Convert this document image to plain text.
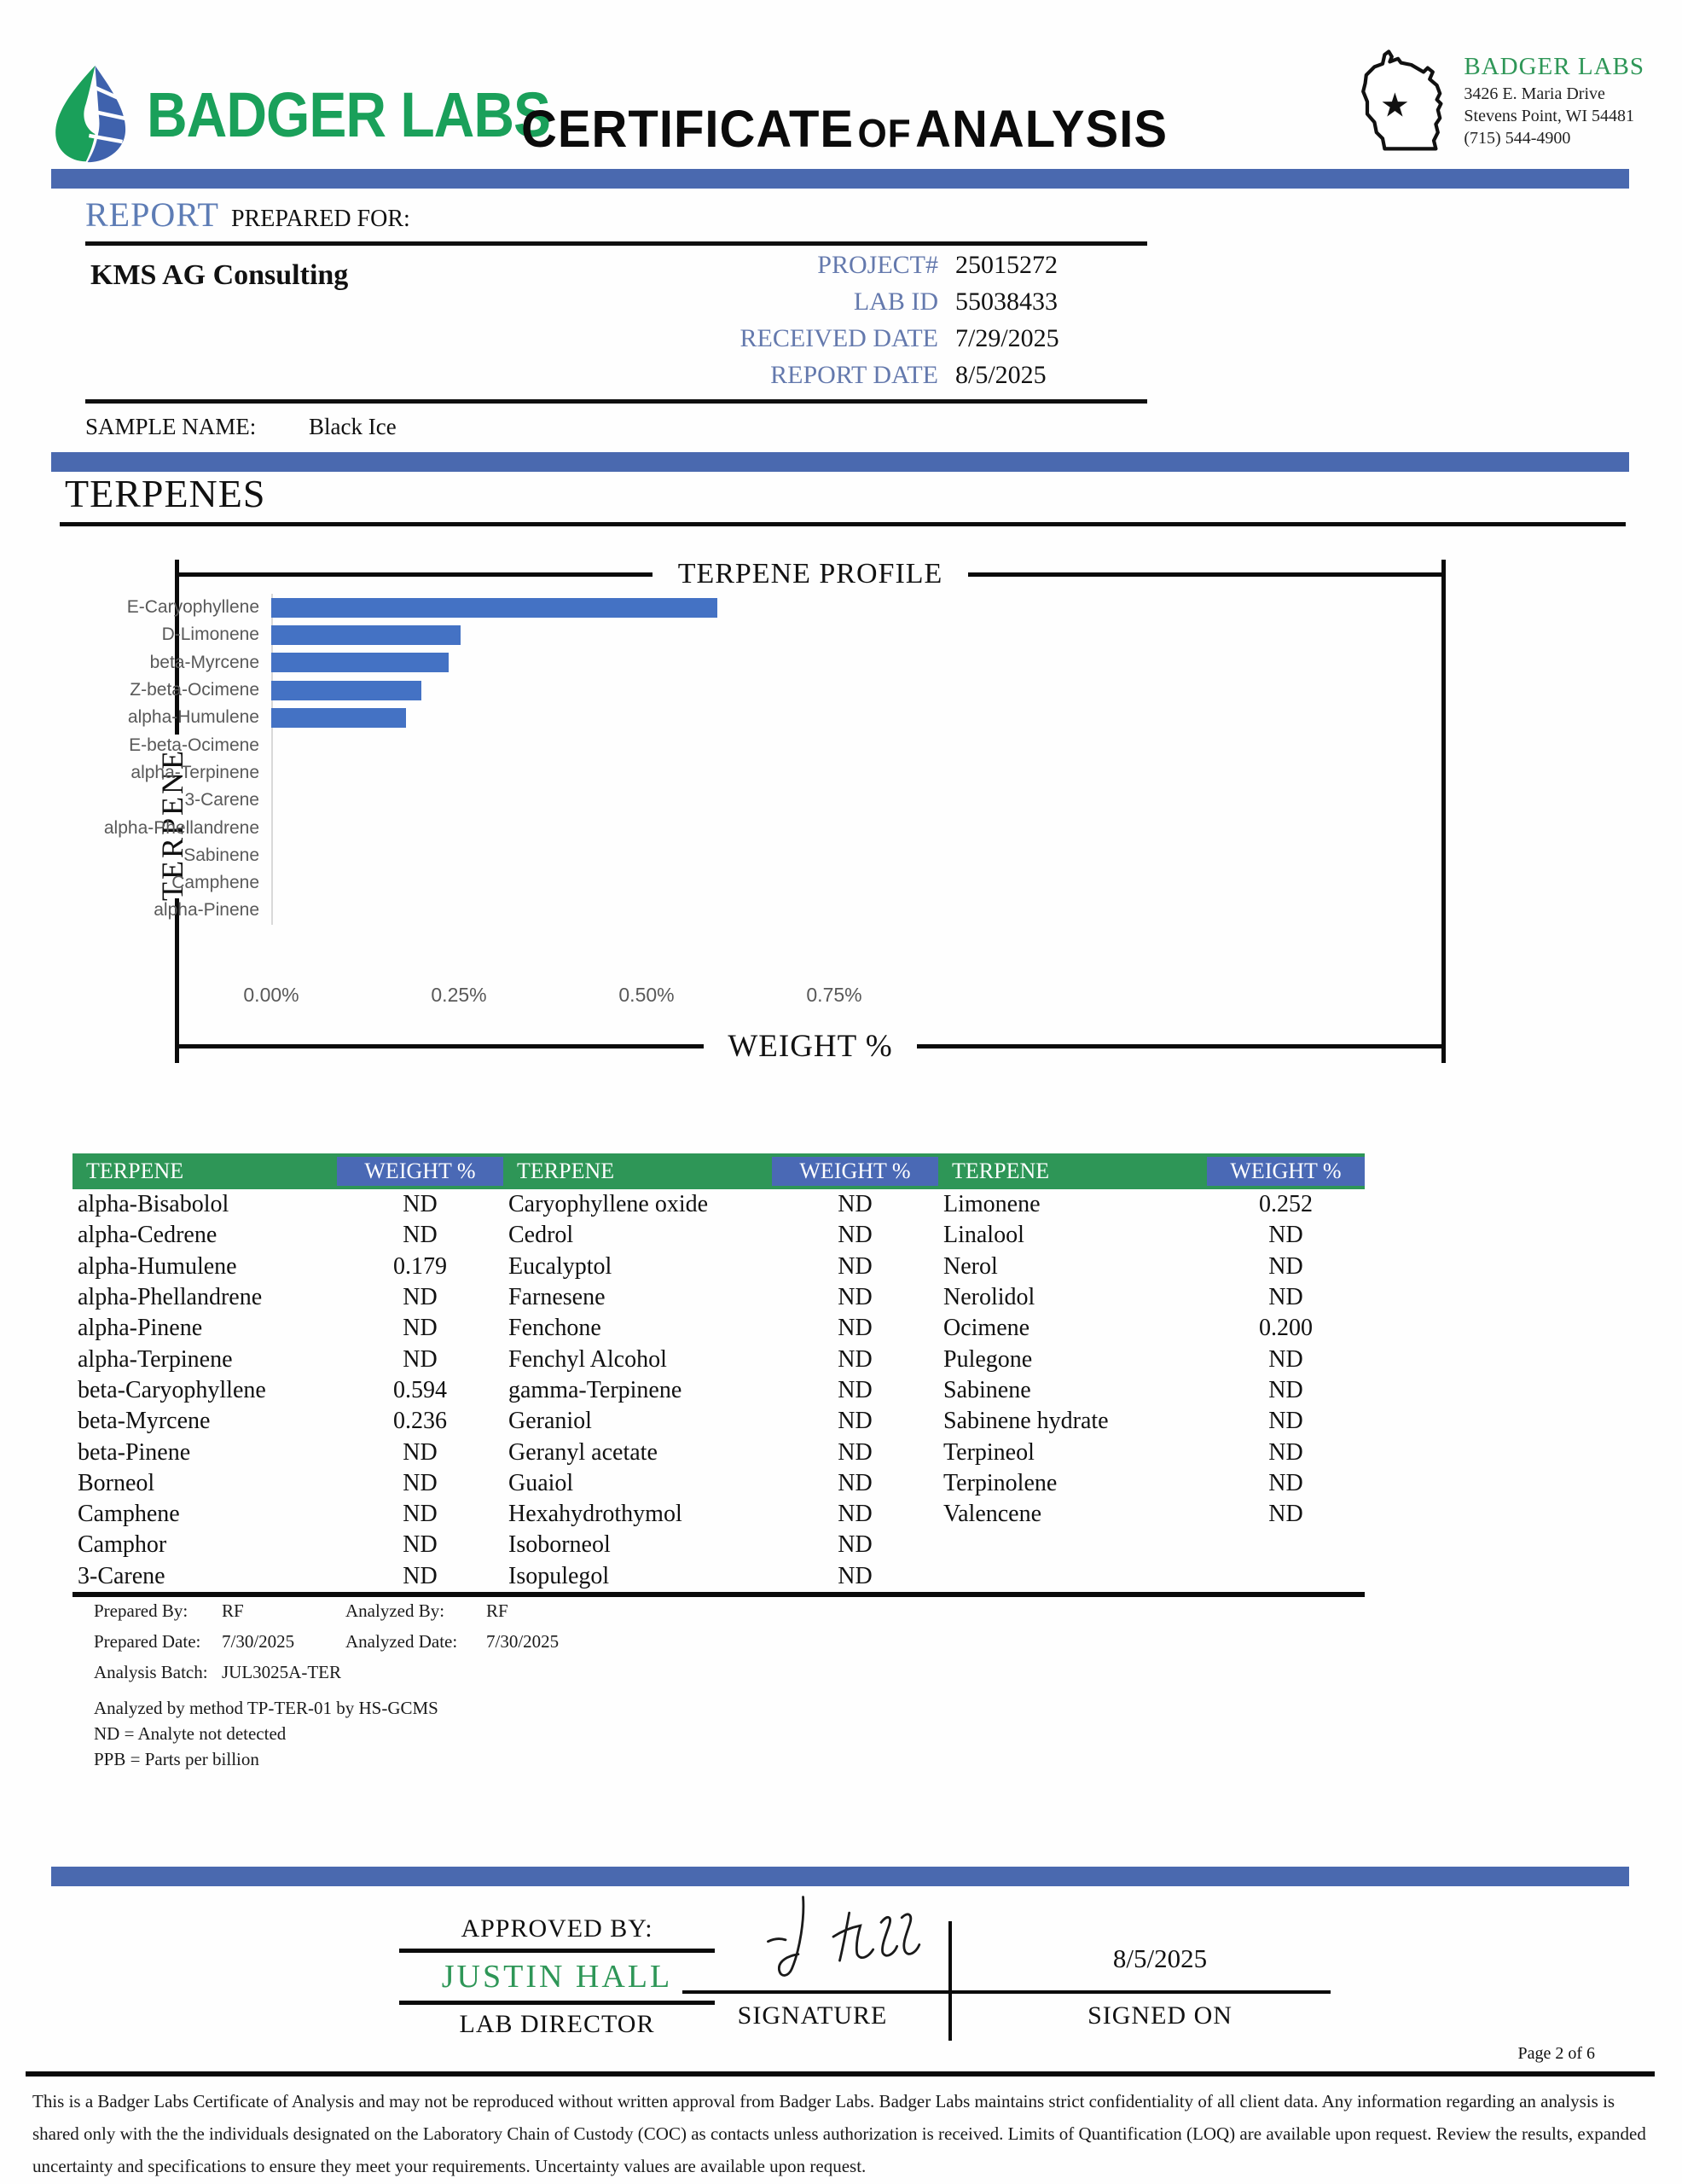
BADGER LABS
CERTIFICATE OF ANALYSIS
BADGER LABS
3426 E. Maria Drive
Stevens Point, WI 54481
(715) 544-4900
REPORT PREPARED FOR:
KMS AG Consulting	PROJECT# 25015272
LAB ID 55038433
RECEIVED DATE 7/29/2025
REPORT DATE 8/5/2025
SAMPLE NAME: Black Ice
TERPENES
TERPENE PROFILE
TERPENE
E-Caryophyllene
D-Limonene
beta-Myrcene
Z-beta-Ocimene
alpha-Humulene
E-beta-Ocimene
alpha-Terpinene
3-Carene
alpha-Phellandrene
Sabinene
Camphene
alpha-Pinene
0.00%	0.25%	0.50%	0.75%
WEIGHT %
TERPENE	WEIGHT %	TERPENE	WEIGHT %	TERPENE	WEIGHT %
alpha-Bisabolol	ND	Caryophyllene oxide	ND	Limonene	0.252
alpha-Cedrene	ND	Cedrol	ND	Linalool	ND
alpha-Humulene	0.179	Eucalyptol	ND	Nerol	ND
alpha-Phellandrene	ND	Farnesene	ND	Nerolidol	ND
alpha-Pinene	ND	Fenchone	ND	Ocimene	0.200
alpha-Terpinene	ND	Fenchyl Alcohol	ND	Pulegone	ND
beta-Caryophyllene	0.594	gamma-Terpinene	ND	Sabinene	ND
beta-Myrcene	0.236	Geraniol	ND	Sabinene hydrate	ND
beta-Pinene	ND	Geranyl acetate	ND	Terpineol	ND
Borneol	ND	Guaiol	ND	Terpinolene	ND
Camphene	ND	Hexahydrothymol	ND	Valencene	ND
Camphor	ND	Isoborneol	ND
3-Carene	ND	Isopulegol	ND
Prepared By:	RF	Analyzed By:	RF
Prepared Date:	7/30/2025	Analyzed Date:	7/30/2025
Analysis Batch: JUL3025A-TER
Analyzed by method TP-TER-01 by HS-GCMS
ND = Analyte not detected
PPB = Parts per billion
APPROVED BY:
JUSTIN HALL
LAB DIRECTOR
8/5/2025
SIGNATURE	SIGNED ON
Page 2 of 6
This is a Badger Labs Certificate of Analysis and may not be reproduced without written approval from Badger Labs. Badger Labs maintains strict confidentiality of all client data. Any information regarding an analysis is shared only with the the individuals designated on the Laboratory Chain of Custody (COC) as contacts unless authorization is received. Limits of Quantification (LOQ) are available upon request. Review the results, expanded uncertainty and specifications to ensure they meet your requirements. Uncertainty values are available upon request.
